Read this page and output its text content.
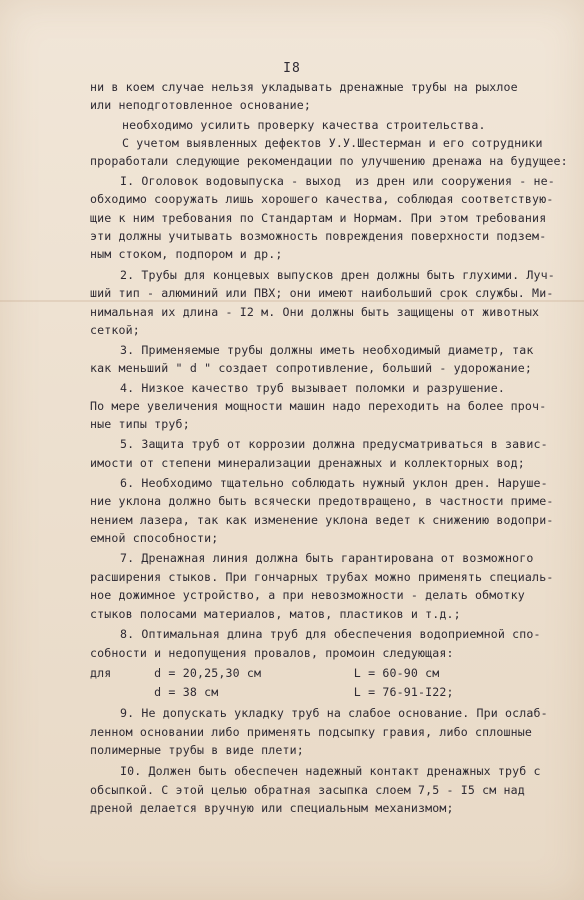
I8
ни в коем случае нельзя укладывать дренажные трубы на рыхлое
или неподготовленное основание;
необходимо усилить проверку качества строительства.
С учетом выявленных дефектов У.У.Шестерман и его сотрудники
проработали следующие рекомендации по улучшению дренажа на будущее:
I. Оголовок водовыпуска - выход  из дрен или сооружения - не-
обходимо сооружать лишь хорошего качества, соблюдая соответствую-
щие к ним требования по Стандартам и Нормам. При этом требования
эти должны учитывать возможность повреждения поверхности подзем-
ным стоком, подпором и др.;
2. Трубы для концевых выпусков дрен должны быть глухими. Луч-
ший тип - алюминий или ПВХ; они имеют наибольший срок службы. Ми-
нимальная их длина - I2 м. Они должны быть защищены от животных
сеткой;
3. Применяемые трубы должны иметь необходимый диаметр, так
как меньший " d " создает сопротивление, больший - удорожание;
4. Низкое качество труб вызывает поломки и разрушение.
По мере увеличения мощности машин надо переходить на более проч-
ные типы труб;
5. Защита труб от коррозии должна предусматриваться в завис-
имости от степени минерализации дренажных и коллекторных вод;
6. Необходимо тщательно соблюдать нужный уклон дрен. Наруше-
ние уклона должно быть всячески предотвращено, в частности приме-
нением лазера, так как изменение уклона ведет к снижению водопри-
емной способности;
7. Дренажная линия должна быть гарантирована от возможного
расширения стыков. При гончарных трубах можно применять специаль-
ное дожимное устройство, а при невозможности - делать обмотку
стыков полосами материалов, матов, пластиков и т.д.;
8. Оптимальная длина труб для обеспечения водоприемной спо-
собности и недопущения провалов, промоин следующая:
для      d = 20,25,30 см             L = 60-90 см
d = 38 см                   L = 76-91-I22;
9. Не допускать укладку труб на слабое основание. При ослаб-
ленном основании либо применять подсыпку гравия, либо сплошные
полимерные трубы в виде плети;
I0. Должен быть обеспечен надежный контакт дренажных труб с
обсыпкой. С этой целью обратная засыпка слоем 7,5 - I5 см над
дреной делается вручную или специальным механизмом;
